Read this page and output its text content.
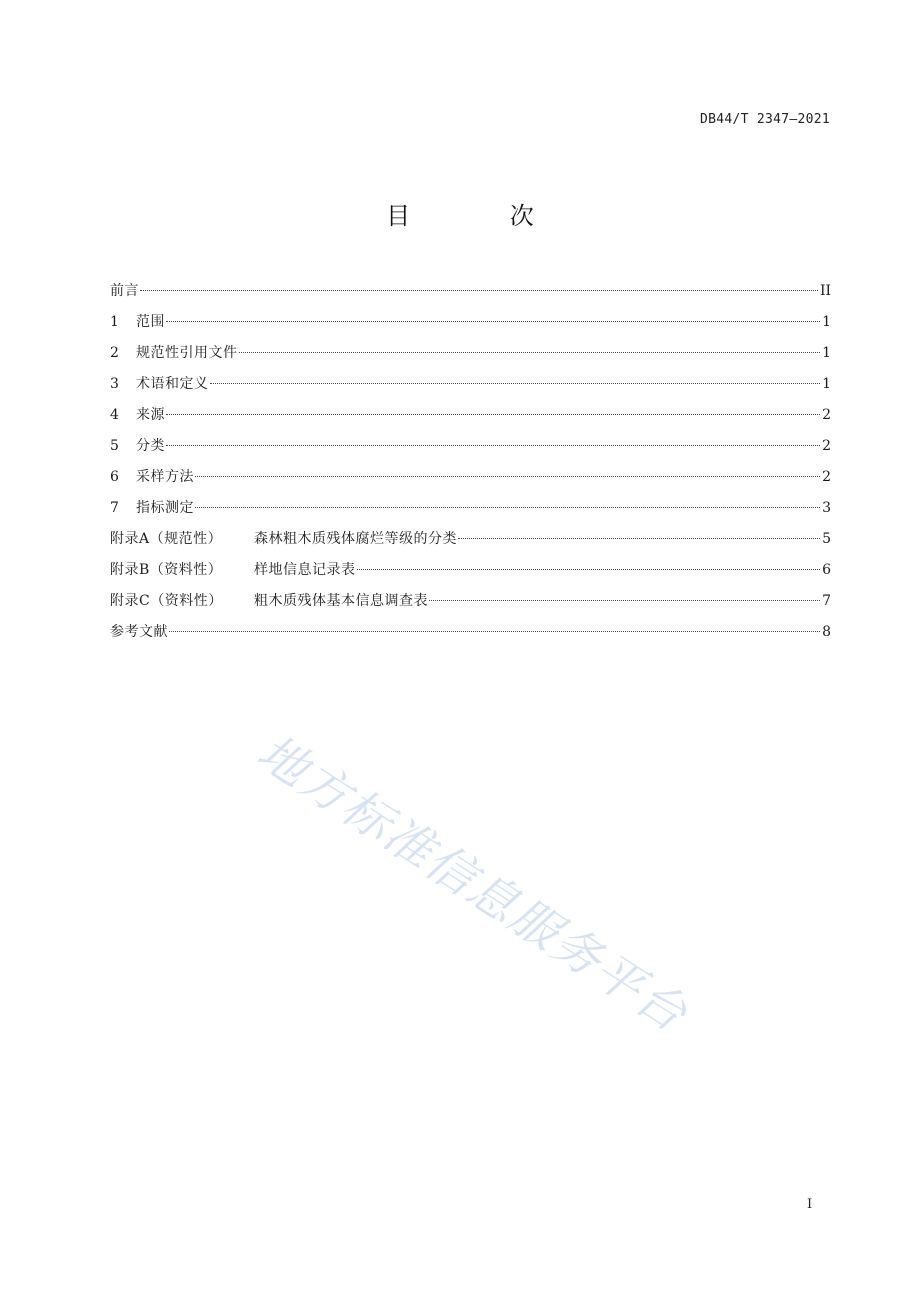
DB44/T 2347—2021
目 次
前言	II
1	范围	1
2	规范性引用文件	1
3	术语和定义	1
4	来源	2
5	分类	2
6	采样方法	2
7	指标测定	3
附录A（规范性）	森林粗木质残体腐烂等级的分类	5
附录B（资料性）	样地信息记录表	6
附录C（资料性）	粗木质残体基本信息调查表	7
参考文献	8
地方标准信息服务平台
I
